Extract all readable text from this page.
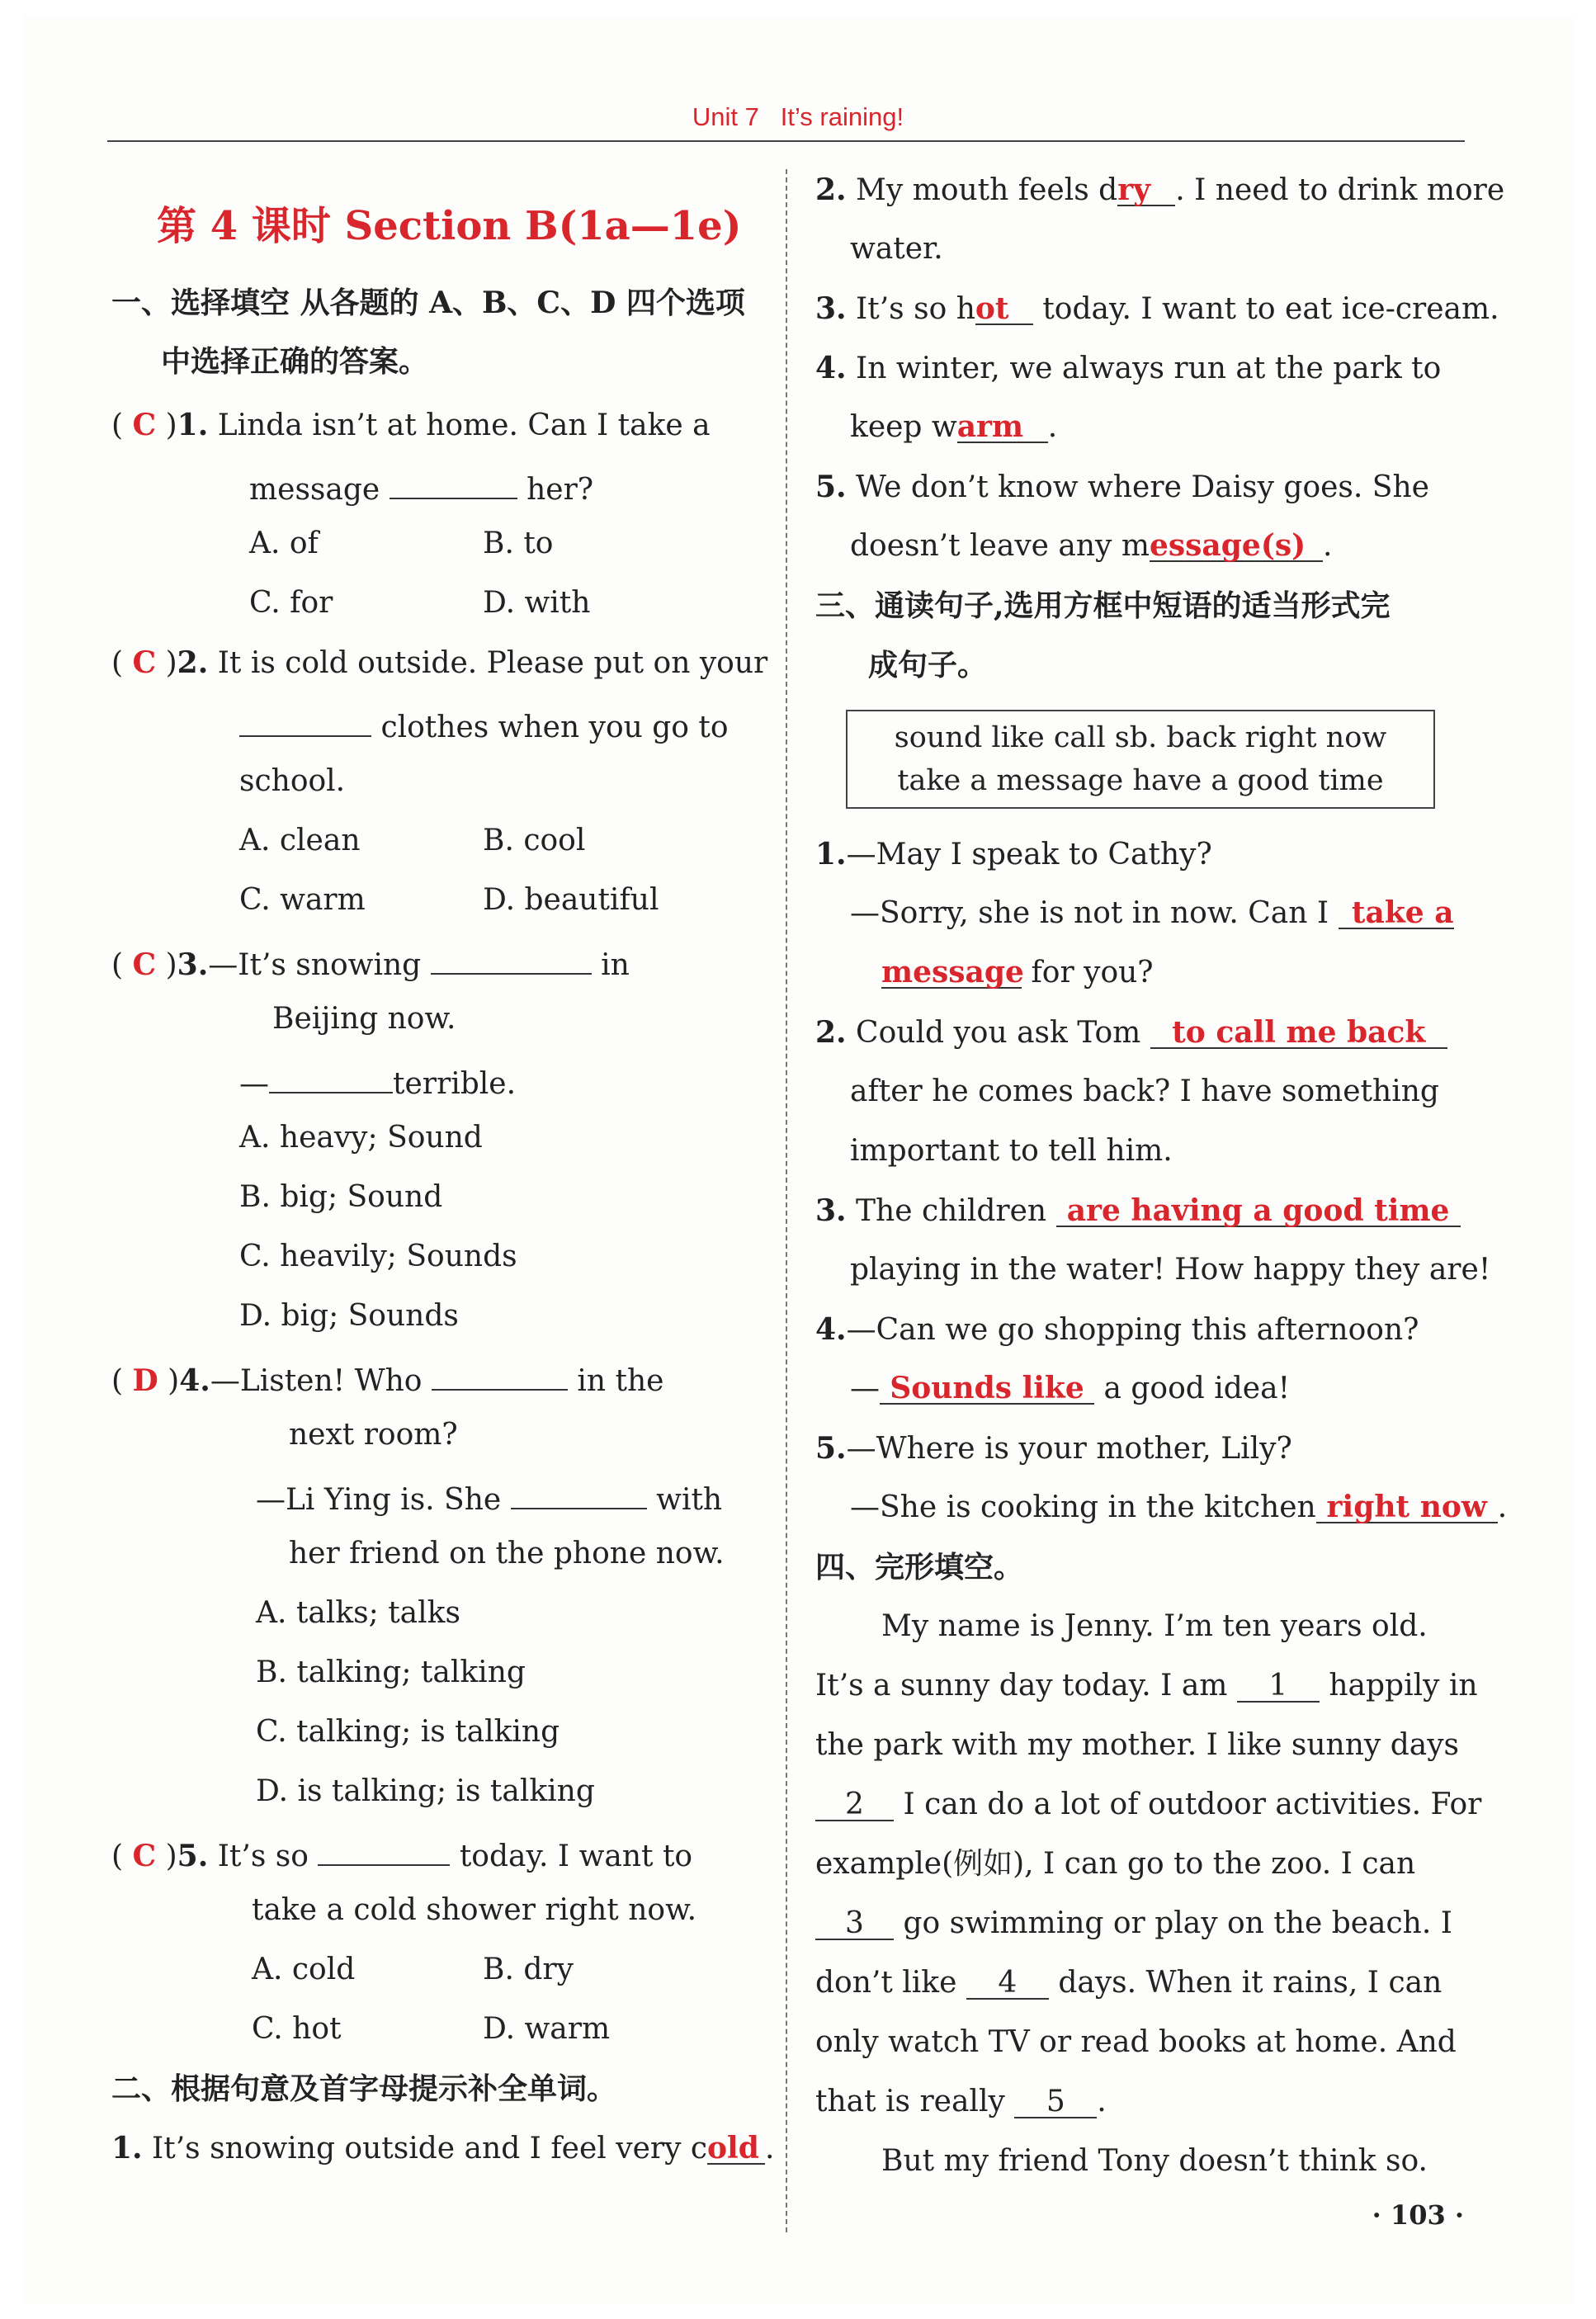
Unit 7 It’s raining!
第 4 课时 Section B(1a—1e)
一、选择填空 从各题的 A、B、C、D 四个选项
中选择正确的答案。
( C )1. Linda isn’t at home. Can I take a
message	her?
A. of	B. to
C. for	D. with
( C )2. It is cold outside. Please put on your
clothes when you go to
school.
A. clean	B. cool
C. warm	D. beautiful
( C )3.—It’s snowing	in
Beijing now.
—	terrible.
A. heavy; Sound
B. big; Sound
C. heavily; Sounds
D. big; Sounds
( D )4.—Listen! Who	in the
next room?
—Li Ying is. She	with
her friend on the phone now.
A. talks; talks
B. talking; talking
C. talking; is talking
D. is talking; is talking
( C )5. It’s so	today. I want to
take a cold shower right now.
A. cold	B. dry
C. hot	D. warm
二、根据句意及首字母提示补全单词。
1. It’s snowing outside and I feel very cold .
2. My mouth feels dry . I need to drink more
water.
3. It’s so hot today. I want to eat ice-cream.
4. In winter, we always run at the park to
keep warm .
5. We don’t know where Daisy goes. She
doesn’t leave any message(s) .
三、通读句子,选用方框中短语的适当形式完
成句子。
sound like call sb. back right now
take a message have a good time
1.—May I speak to Cathy?
—Sorry, she is not in now. Can I take a
message for you?
2. Could you ask Tom to call me back
after he comes back? I have something
important to tell him.
3. The children are having a good time
playing in the water! How happy they are!
4.—Can we go shopping this afternoon?
— Sounds like a good idea!
5.—Where is your mother, Lily?
—She is cooking in the kitchen right now .
四、完形填空。
My name is Jenny. I’m ten years old.
It’s a sunny day today. I am 1 happily in
the park with my mother. I like sunny days
2 I can do a lot of outdoor activities. For
example(例如), I can go to the zoo. I can
3 go swimming or play on the beach. I
don’t like 4 days. When it rains, I can
only watch TV or read books at home. And
that is really 5 .
But my friend Tony doesn’t think so.
· 103 ·
